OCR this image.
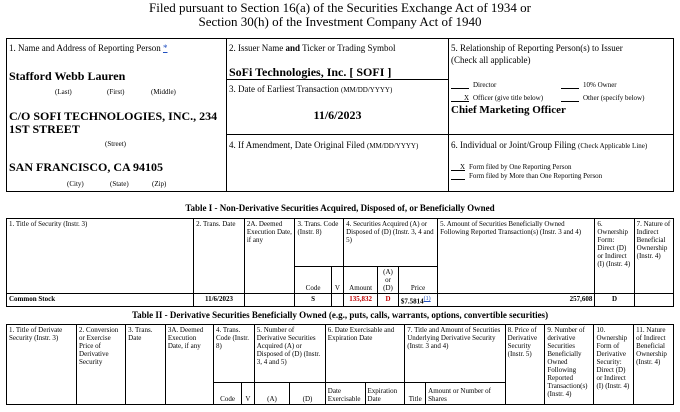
Filed pursuant to Section 16(a) of the Securities Exchange Act of 1934 or
Section 30(h) of the Investment Company Act of 1940
1. Name and Address of Reporting Person *
Stafford Webb Lauren
(Last)	(First)	(Middle)
C/O SOFI TECHNOLOGIES, INC., 234
1ST STREET
(Street)
SAN FRANCISCO, CA 94105
(City)	(State)	(Zip)
2. Issuer Name and Ticker or Trading Symbol
SoFi Technologies, Inc. [ SOFI ]
3. Date of Earliest Transaction (MM/DD/YYYY)
11/6/2023
4. If Amendment, Date Original Filed (MM/DD/YYYY)
5. Relationship of Reporting Person(s) to Issuer
(Check all applicable)
Director	10% Owner
X Officer (give title below)	Other (specify below)
Chief Marketing Officer
6. Individual or Joint/Group Filing (Check Applicable Line)
X Form filed by One Reporting Person
Form filed by More than One Reporting Person
Table I - Non-Derivative Securities Acquired, Disposed of, or Beneficially Owned
1. Title of Security (Instr. 3)	2. Trans. Date	2A. Deemed Execution Date, if any	3. Trans. Code (Instr. 8)		4. Securities Acquired (A) or Disposed of (D) (Instr. 3, 4 and 5)			5. Amount of Securities Beneficially Owned Following Reported Transaction(s) (Instr. 3 and 4)	6. Ownership Form: Direct (D) or Indirect (I) (Instr. 4)	7. Nature of Indirect Beneficial Ownership (Instr. 4)
			Code	V	Amount	(A) or (D)	Price			
Common Stock	11/6/2023		S		135,832	D	$7.5814$^{(1)}$	257,608	D	
Table II - Derivative Securities Beneficially Owned (e.g., puts, calls, warrants, options, convertible securities)
1. Title of Derivate Security (Instr. 3)	2. Conversion or Exercise Price of Derivative Security	3. Trans. Date	3A. Deemed Execution Date, if any	4. Trans. Code (Instr. 8)		5. Number of Derivative Securities Acquired (A) or Disposed of (D) (Instr. 3, 4 and 5)		6. Date Exercisable and Expiration Date		7. Title and Amount of Securities Underlying Derivative Security (Instr. 3 and 4)		8. Price of Derivative Security (Instr. 5)	9. Number of derivative Securities Beneficially Owned Following Reported Transaction(s) (Instr. 4)	10. Ownership Form of Derivative Security: Direct (D) or Indirect (I) (Instr. 4)	11. Nature of Indirect Beneficial Ownership (Instr. 4)
				Code	V	(A)	(D)	Date Exercisable	Expiration Date	Title	Amount or Number of Shares				
